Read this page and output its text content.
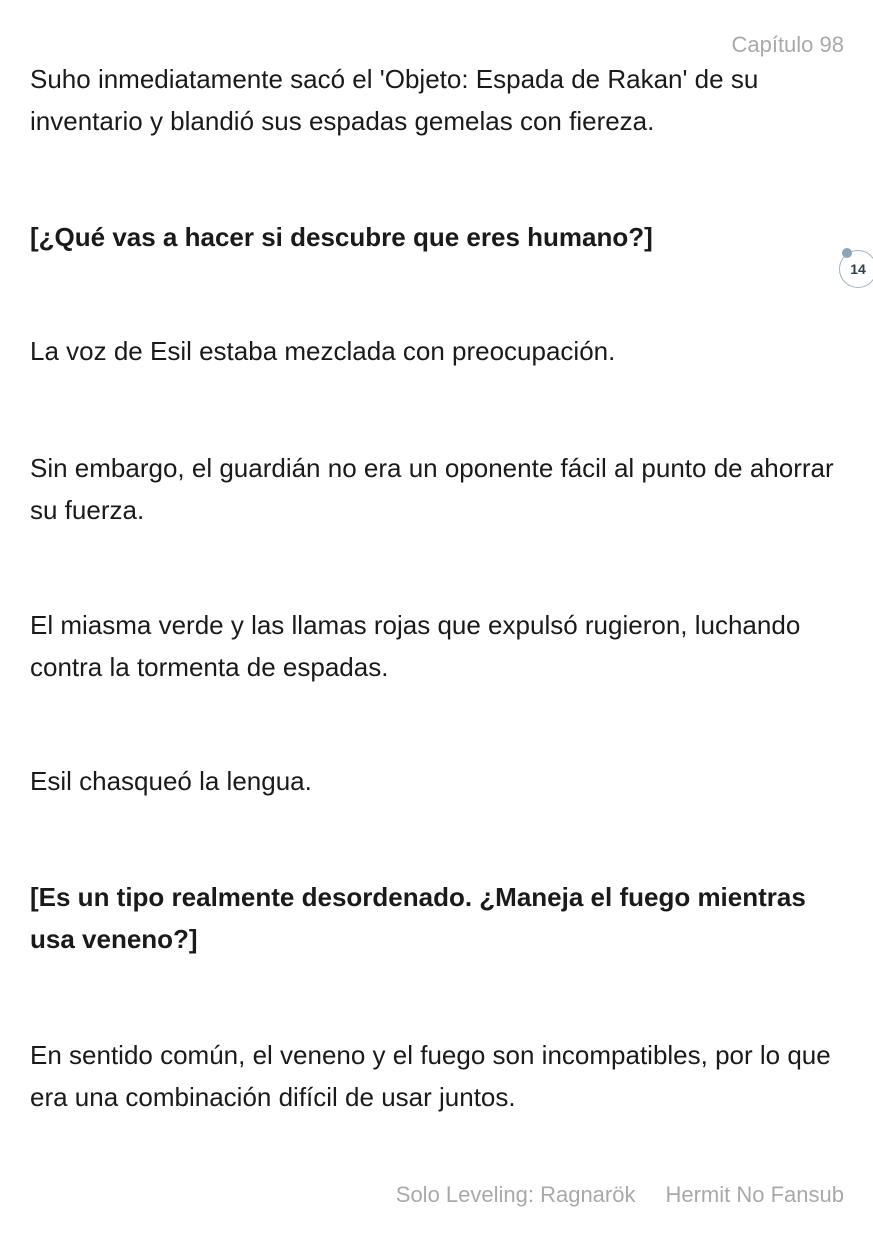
Capítulo 98

Suho inmediatamente sacó el 'Objeto: Espada de Rakan' de su inventario y blandió sus espadas gemelas con fiereza.

[¿Qué vas a hacer si descubre que eres humano?]

La voz de Esil estaba mezclada con preocupación.

Sin embargo, el guardián no era un oponente fácil al punto de ahorrar su fuerza.

El miasma verde y las llamas rojas que expulsó rugieron, luchando contra la tormenta de espadas.

Esil chasqueó la lengua.

[Es un tipo realmente desordenado. ¿Maneja el fuego mientras usa veneno?]

En sentido común, el veneno y el fuego son incompatibles, por lo que era una combinación difícil de usar juntos.

14
Solo Leveling: Ragnarök Hermit No Fansub
